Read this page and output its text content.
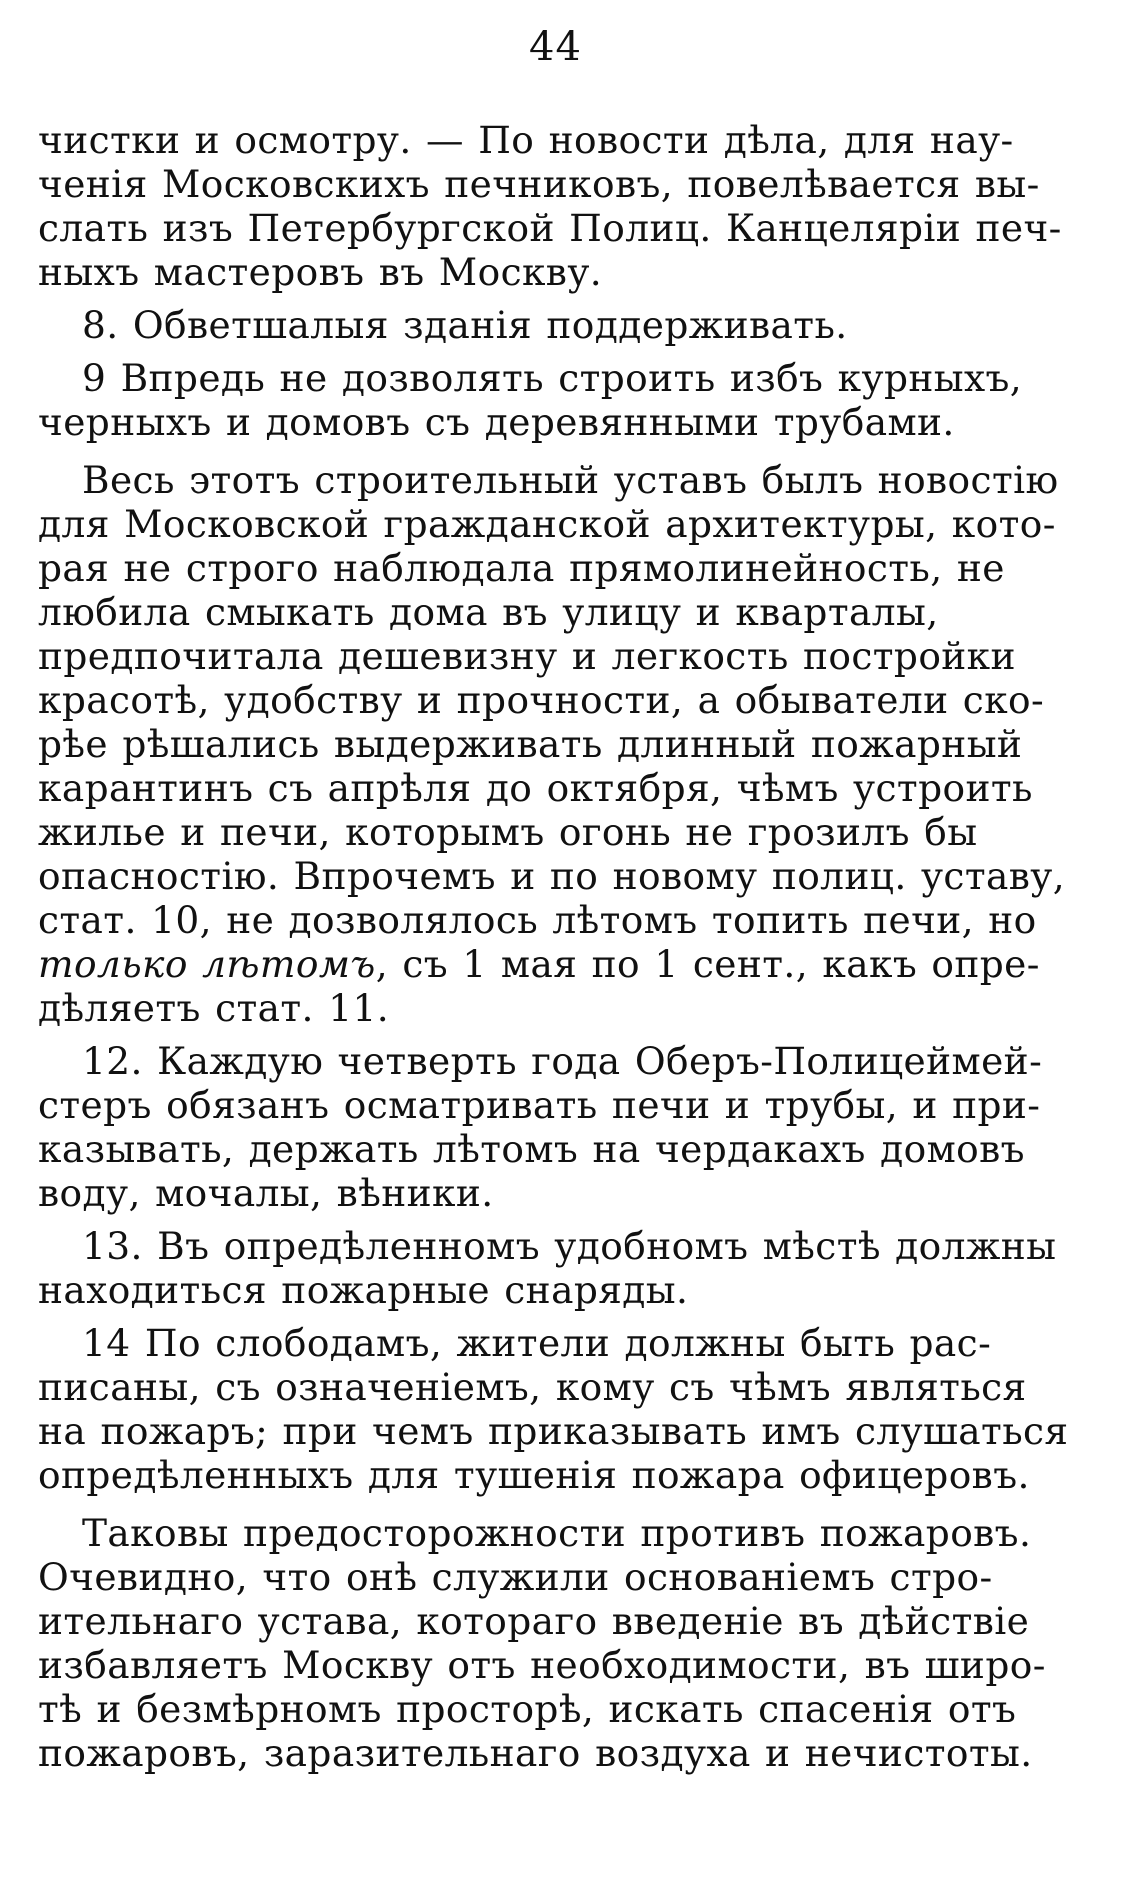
44

чистки и осмотру. — По новости дѣла, для нау-
ченія Московскихъ печниковъ, повелѣвается вы-
слать изъ Петербургской Полиц. Канцеляріи печ-
ныхъ мастеровъ въ Москву.

8. Обветшалыя зданія поддерживать.

9 Впредь не дозволять строить избъ курныхъ,
черныхъ и домовъ съ деревянными трубами.

Весь этотъ строительный уставъ былъ новостію
для Московской гражданской архитектуры, кото-
рая не строго наблюдала прямолинейность, не
любила смыкать дома въ улицу и кварталы,
предпочитала дешевизну и легкость постройки
красотѣ, удобству и прочности, а обыватели ско-
рѣе рѣшались выдерживать длинный пожарный
карантинъ съ апрѣля до октября, чѣмъ устроить
жилье и печи, которымъ огонь не грозилъ бы
опасностію. Впрочемъ и по новому полиц. уставу,
стат. 10, не дозволялось лѣтомъ топить печи, но
только лѣтомъ, съ 1 мая по 1 сент., какъ опре-
дѣляетъ стат. 11.

12. Каждую четверть года Оберъ-Полицеймей-
стеръ обязанъ осматривать печи и трубы, и при-
казывать, держать лѣтомъ на чердакахъ домовъ
воду, мочалы, вѣники.

13. Въ опредѣленномъ удобномъ мѣстѣ должны
находиться пожарные снаряды.

14 По слободамъ, жители должны быть рас-
писаны, съ означеніемъ, кому съ чѣмъ являться
на пожаръ; при чемъ приказывать имъ слушаться
опредѣленныхъ для тушенія пожара офицеровъ.

Таковы предосторожности противъ пожаровъ.
Очевидно, что онѣ служили основаніемъ стро-
ительнаго устава, котораго введеніе въ дѣйствіе
избавляетъ Москву отъ необходимости, въ широ-
тѣ и безмѣрномъ просторѣ, искать спасенія отъ
пожаровъ, заразительнаго воздуха и нечистоты.
